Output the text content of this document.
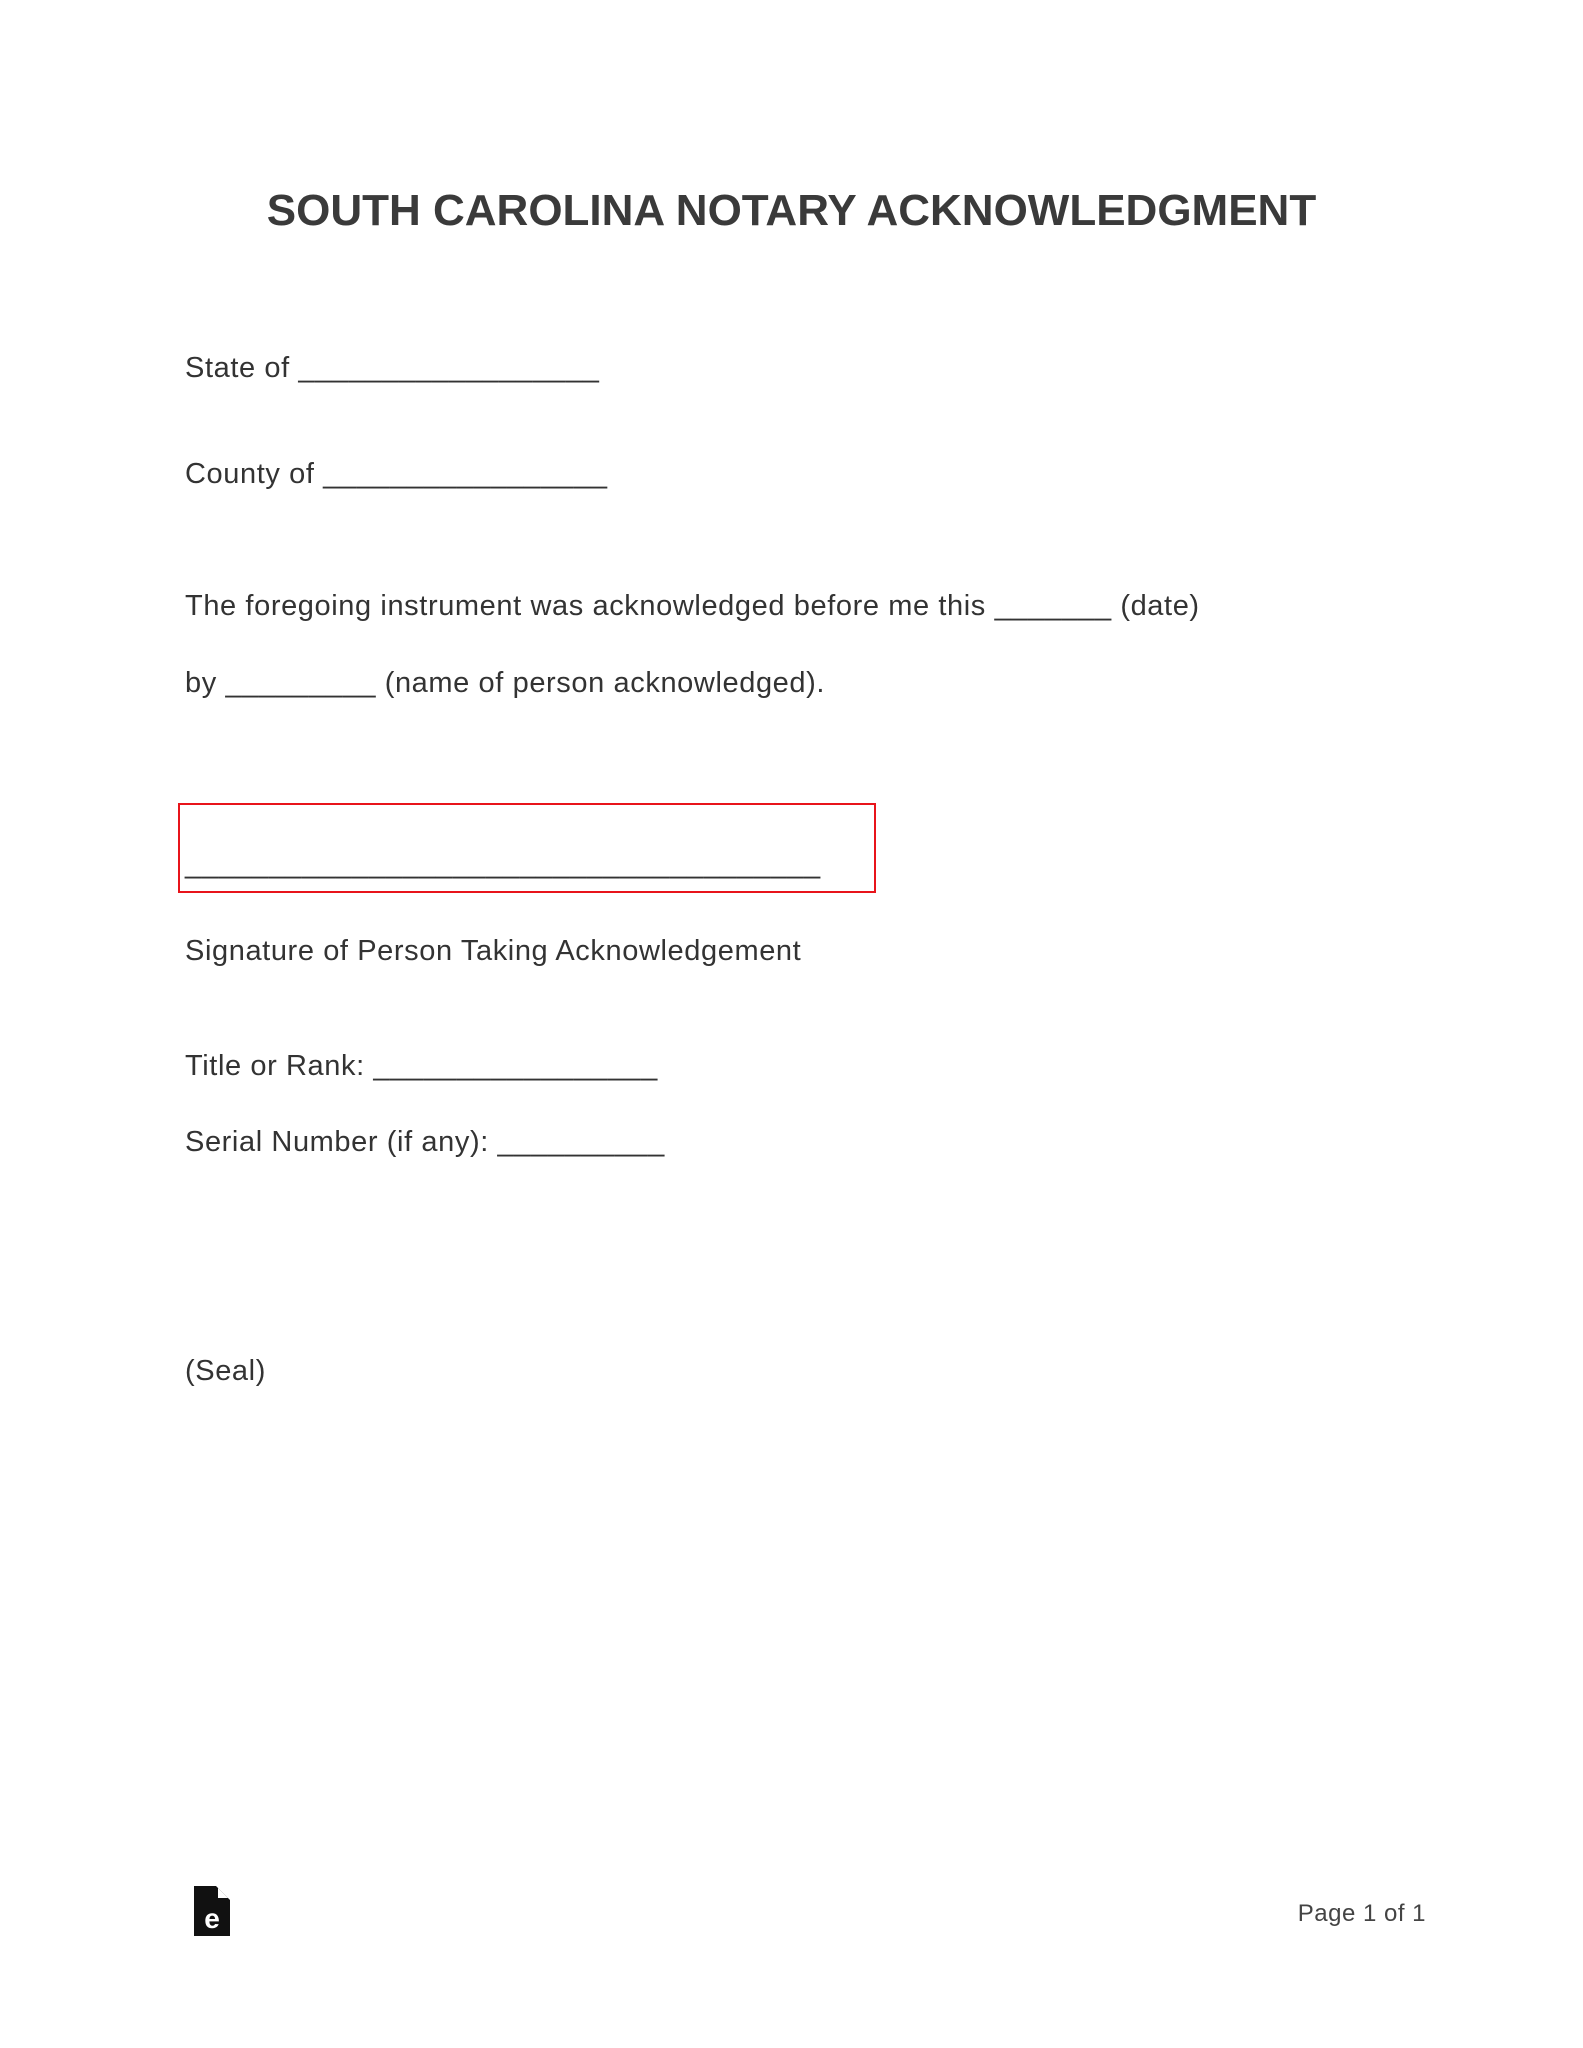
SOUTH CAROLINA NOTARY ACKNOWLEDGMENT
State of __________________
County of _________________
The foregoing instrument was acknowledged before me this _______ (date)
by _________ (name of person acknowledged).
______________________________________
Signature of Person Taking Acknowledgement
Title or Rank: _________________
Serial Number (if any): __________
(Seal)
e	Page 1 of 1
